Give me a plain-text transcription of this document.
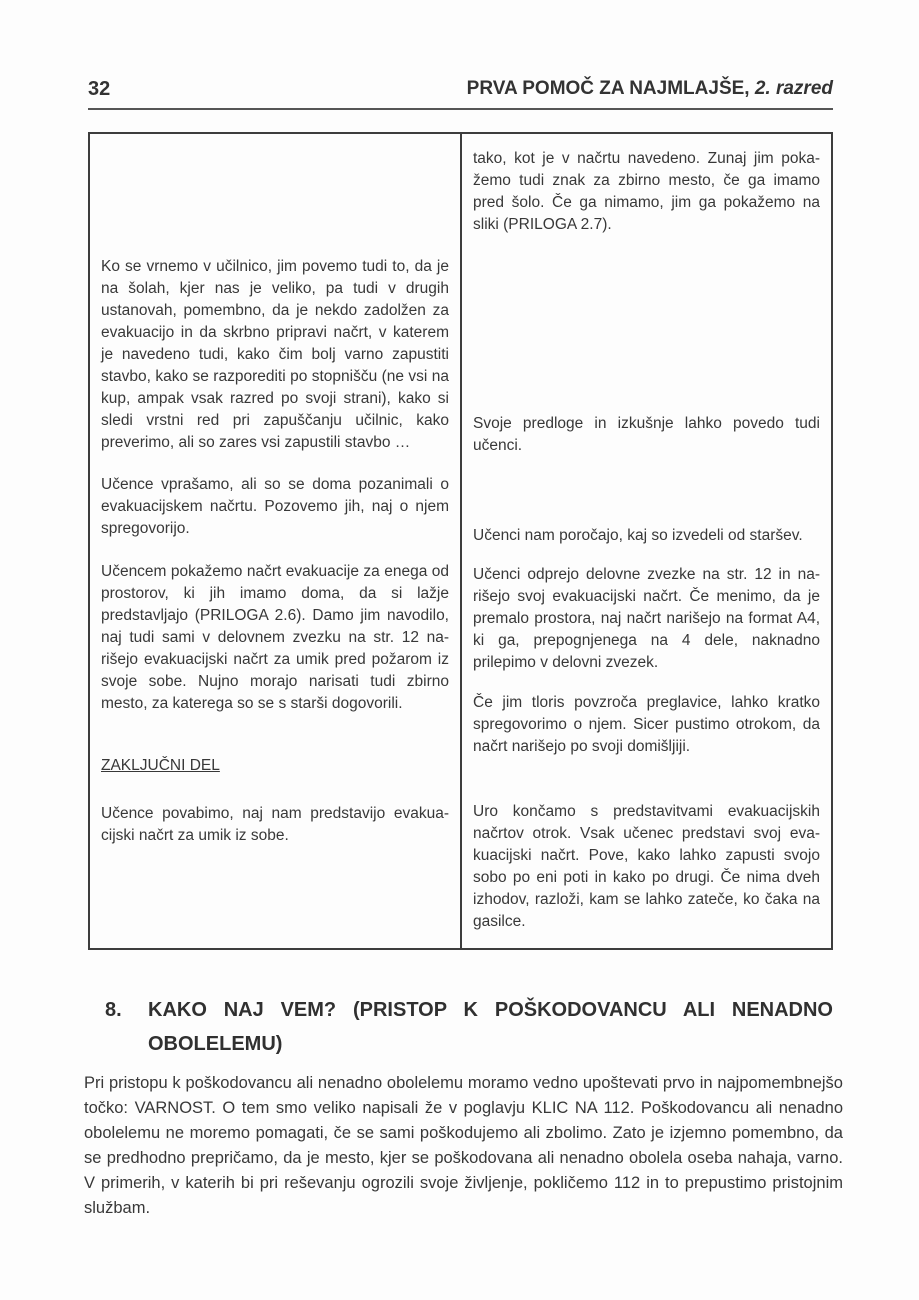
32	PRVA POMOČ ZA NAJMLAJŠE, 2. razred

Ko se vrnemo v učilnico, jim povemo tudi to, da je na šolah, kjer nas je veliko, pa tudi v drugih ustanovah, pomembno, da je nekdo zadolžen za evakuacijo in da skrbno pripravi načrt, v katerem je navedeno tudi, kako čim bolj varno zapustiti stavbo, kako se razporediti po stopnišču (ne vsi na kup, ampak vsak razred po svoji strani), kako si sledi vrstni red pri zapuščanju učilnic, kako preverimo, ali so zares vsi zapustili stavbo …

Učence vprašamo, ali so se doma pozanimali o evakuacijskem načrtu. Pozovemo jih, naj o njem spregovorijo.

Učencem pokažemo načrt evakuacije za enega od prostorov, ki jih imamo doma, da si lažje predstavljajo (PRILOGA 2.6). Damo jim navodilo, naj tudi sami v delovnem zvezku na str. 12 narišejo evakuacijski načrt za umik pred požarom iz svoje sobe. Nujno morajo narisati tudi zbirno mesto, za katerega so se s starši dogovorili.

ZAKLJUČNI DEL

Učence povabimo, naj nam predstavijo evakuacijski načrt za umik iz sobe.

tako, kot je v načrtu navedeno. Zunaj jim pokažemo tudi znak za zbirno mesto, če ga imamo pred šolo. Če ga nimamo, jim ga pokažemo na sliki (PRILOGA 2.7).

Svoje predloge in izkušnje lahko povedo tudi učenci.

Učenci nam poročajo, kaj so izvedeli od staršev.

Učenci odprejo delovne zvezke na str. 12 in narišejo svoj evakuacijski načrt. Če menimo, da je premalo prostora, naj načrt narišejo na format A4, ki ga, prepognjenega na 4 dele, naknadno prilepimo v delovni zvezek.

Če jim tloris povzroča preglavice, lahko kratko spregovorimo o njem. Sicer pustimo otrokom, da načrt narišejo po svoji domišljiji.

Uro končamo s predstavitvami evakuacijskih načrtov otrok. Vsak učenec predstavi svoj evakuacijski načrt. Pove, kako lahko zapusti svojo sobo po eni poti in kako po drugi. Če nima dveh izhodov, razloži, kam se lahko zateče, ko čaka na gasilce.

8. KAKO NAJ VEM? (PRISTOP K POŠKODOVANCU ALI NENADNO OBOLELEMU)

Pri pristopu k poškodovancu ali nenadno obolelemu moramo vedno upoštevati prvo in najpomembnejšo točko: VARNOST. O tem smo veliko napisali že v poglavju KLIC NA 112. Poškodovancu ali nenadno obolelemu ne moremo pomagati, če se sami poškodujemo ali zbolimo. Zato je izjemno pomembno, da se predhodno prepričamo, da je mesto, kjer se poškodovana ali nenadno obolela oseba nahaja, varno. V primerih, v katerih bi pri reševanju ogrozili svoje življenje, pokličemo 112 in to prepustimo pristojnim službam.
